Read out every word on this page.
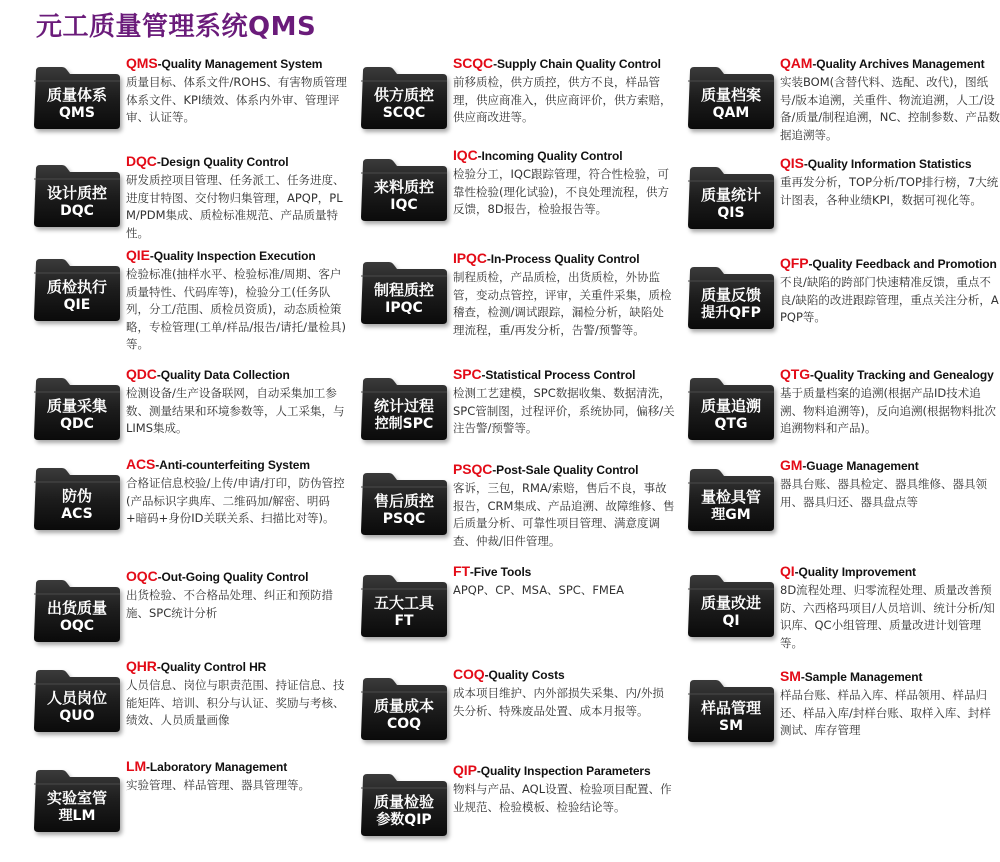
元工质量管理系统QMS
质量体系
QMS
QMS-Quality Management System
质量目标、体系文件/ROHS、有害物质管理体系文件、KPI绩效、体系内外审、管理评审、认证等。
供方质控
SCQC
SCQC-Supply Chain Quality Control
前移质检，供方质控，供方不良，样品管理，供应商准入，供应商评价，供方索赔，供应商改进等。
质量档案
QAM
QAM-Quality Archives Management
实装BOM(含替代料、选配、改代)，图纸号/版本追溯，关重件、物流追溯，人工/设备/质量/制程追溯，NC、控制参数、产品数据追溯等。
设计质控
DQC
DQC-Design Quality Control
研发质控项目管理、任务派工、任务进度、进度甘特图、交付物归集管理，APQP，PLM/PDM集成、质检标准规范、产品质量特性。
来料质控
IQC
IQC-Incoming Quality Control
检验分工，IQC跟踪管理，符合性检验，可靠性检验(理化试验)，不良处理流程，供方反馈，8D报告，检验报告等。
质量统计
QIS
QIS-Quality Information Statistics
重再发分析，TOP分析/TOP排行榜，7大统计图表，各种业绩KPI，数据可视化等。
质检执行
QIE
QIE-Quality Inspection Execution
检验标准(抽样水平、检验标准/周期、客户质量特性、代码库等)，检验分工(任务队列，分工/范围、质检员资质)，动态质检策略，专检管理(工单/样品/报告/请托/量检具)等。
制程质控
IPQC
IPQC-In-Process Quality Control
制程质检，产品质检，出货质检，外协监管，变动点管控，评审，关重件采集，质检稽查，检测/调试跟踪，漏检分析，缺陷处理流程，重/再发分析，告警/预警等。
质量反馈
提升QFP
QFP-Quality Feedback and Promotion
不良/缺陷的跨部门快速精准反馈，重点不良/缺陷的改进跟踪管理，重点关注分析，APQP等。
质量采集
QDC
QDC-Quality Data Collection
检测设备/生产设备联网，自动采集加工参数、测量结果和环境参数等，人工采集，与LIMS集成。
统计过程
控制SPC
SPC-Statistical Process Control
检测工艺建模，SPC数据收集、数据清洗，SPC管制图，过程评价，系统协同，偏移/关注告警/预警等。
质量追溯
QTG
QTG-Quality Tracking and Genealogy
基于质量档案的追溯(根据产品ID技术追溯、物料追溯等)，反向追溯(根据物料批次追溯物料和产品)。
防伪
ACS
ACS-Anti-counterfeiting System
合格证信息校验/上传/申请/打印，防伪管控(产品标识字典库、二维码加/解密、明码+暗码+身份ID关联关系、扫描比对等)。
售后质控
PSQC
PSQC-Post-Sale Quality Control
客诉，三包，RMA/索赔，售后不良，事故报告，CRM集成、产品追溯、故障维修、售后质量分析、可靠性项目管理、满意度调查、仲裁/旧件管理。
量检具管
理GM
GM-Guage Management
器具台账、器具检定、器具维修、器具领用、器具归还、器具盘点等
出货质量
OQC
OQC-Out-Going Quality Control
出货检验、不合格品处理、纠正和预防措施、SPC统计分析
五大工具
FT
FT-Five Tools
APQP、CP、MSA、SPC、FMEA
质量改进
QI
QI-Quality Improvement
8D流程处理、归零流程处理、质量改善预防、六西格玛项目/人员培训、统计分析/知识库、QC小组管理、质量改进计划管理等。
人员岗位
QUO
QHR-Quality Control HR
人员信息、岗位与职责范围、持证信息、技能矩阵、培训、积分与认证、奖励与考核、绩效、人员质量画像
质量成本
COQ
COQ-Quality Costs
成本项目维护、内外部损失采集、内/外损失分析、特殊废品处置、成本月报等。	样品管理
SM
SM-Sample Management
样品台账、样品入库、样品领用、样品归还、样品入库/封样台账、取样入库、封样测试、库存管理
实验室管
理LM
LM-Laboratory Management
实验管理、样品管理、器具管理等。
质量检验
参数QIP
QIP-Quality Inspection Parameters
物料与产品、AQL设置、检验项目配置、作业规范、检验模板、检验结论等。
